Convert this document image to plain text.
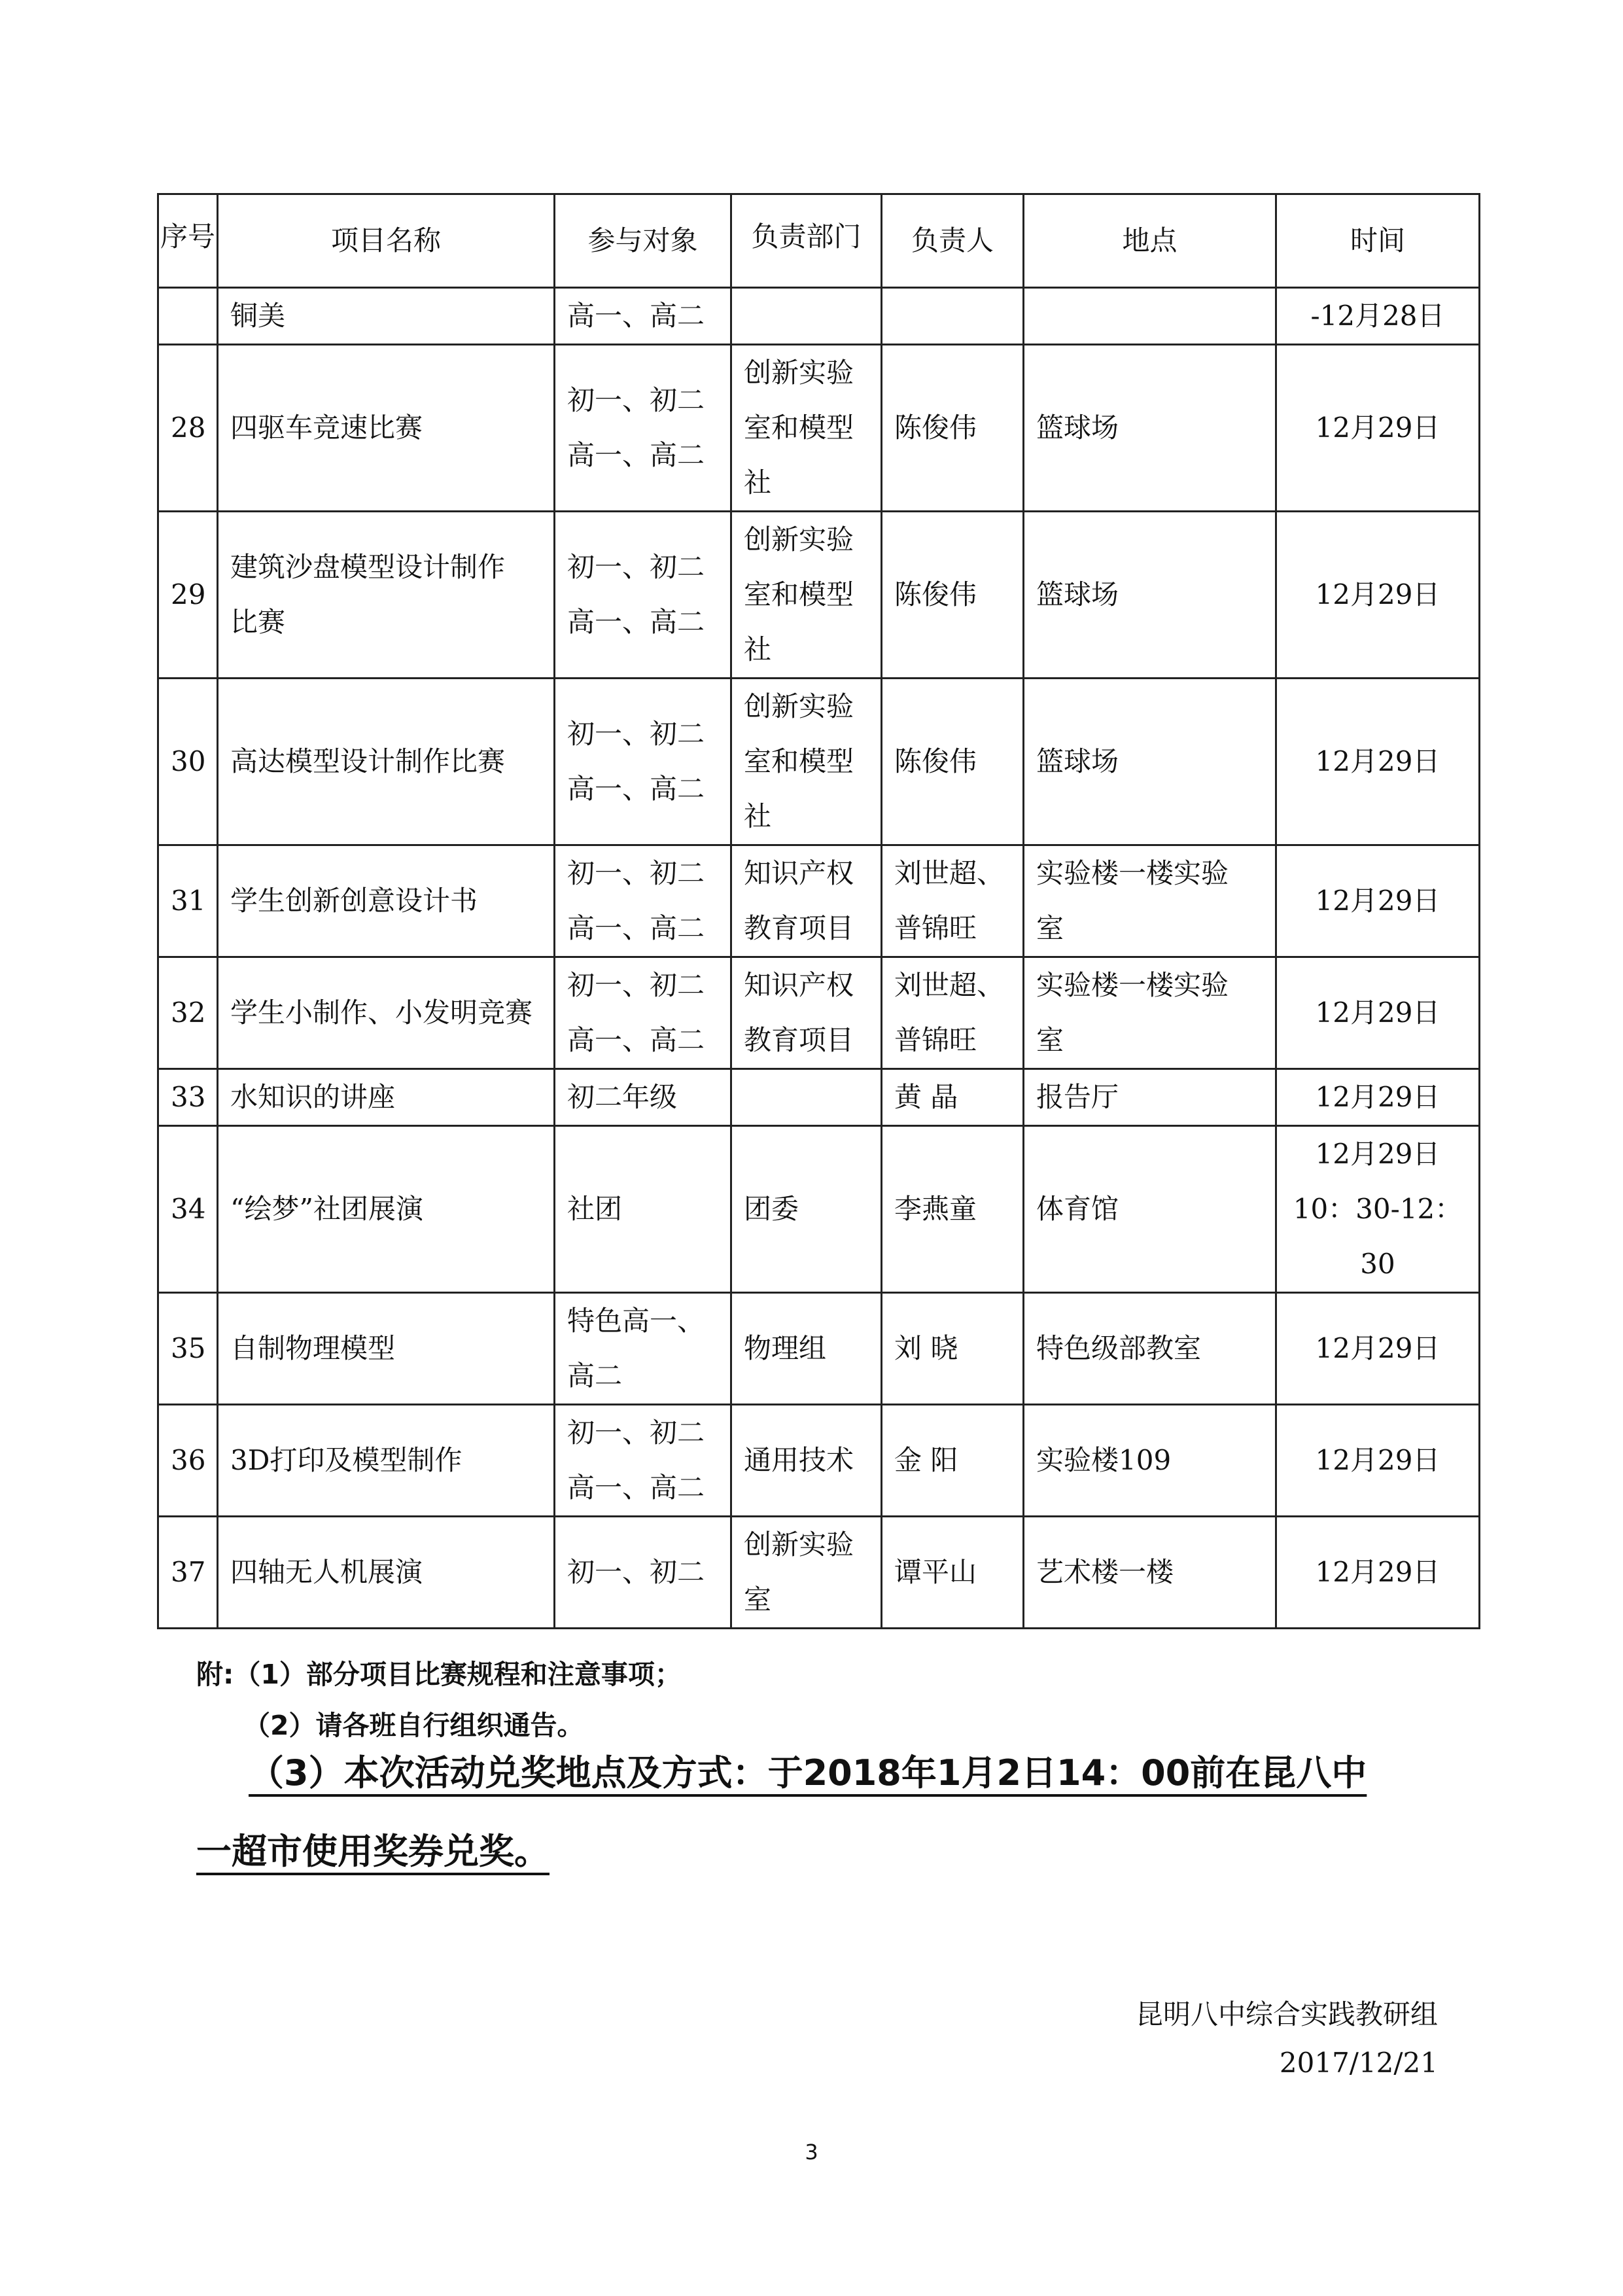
序号	项目名称	参与对象	负责部门	负责人	地点	时间
	铜美	高一、高二				-12月28日

28	四驱车竞速比赛	初一、初二
高一、高二	创新实验
室和模型
社	陈俊伟	篮球场	12月29日

29	建筑沙盘模型设计制作
比赛	初一、初二
高一、高二	创新实验
室和模型
社	陈俊伟	篮球场	12月29日

30	高达模型设计制作比赛	初一、初二
高一、高二	创新实验
室和模型
社	陈俊伟	篮球场	12月29日

31	学生创新创意设计书	初一、初二
高一、高二	知识产权
教育项目	刘世超、
普锦旺	实验楼一楼实验
室	12月29日

32	学生小制作、小发明竞赛	初一、初二
高一、高二	知识产权
教育项目	刘世超、
普锦旺	实验楼一楼实验
室	12月29日

33	水知识的讲座	初二年级		黄 晶	报告厅	12月29日

34	“绘梦”社团展演	社团	团委	李燕童	体育馆	12月29日
10：30-12：30

35	自制物理模型	特色高一、
高二	物理组	刘 晓	特色级部教室	12月29日

36	3D打印及模型制作	初一、初二
高一、高二	通用技术	金 阳	实验楼109	12月29日

37	四轴无人机展演	初一、初二	创新实验
室	谭平山	艺术楼一楼	12月29日
附:（1）部分项目比赛规程和注意事项；
（2）请各班自行组织通告。
（3）本次活动兑奖地点及方式：于2018年1月2日14：00前在昆八中
一超市使用奖券兑奖。
昆明八中综合实践教研组
2017/12/21
3
